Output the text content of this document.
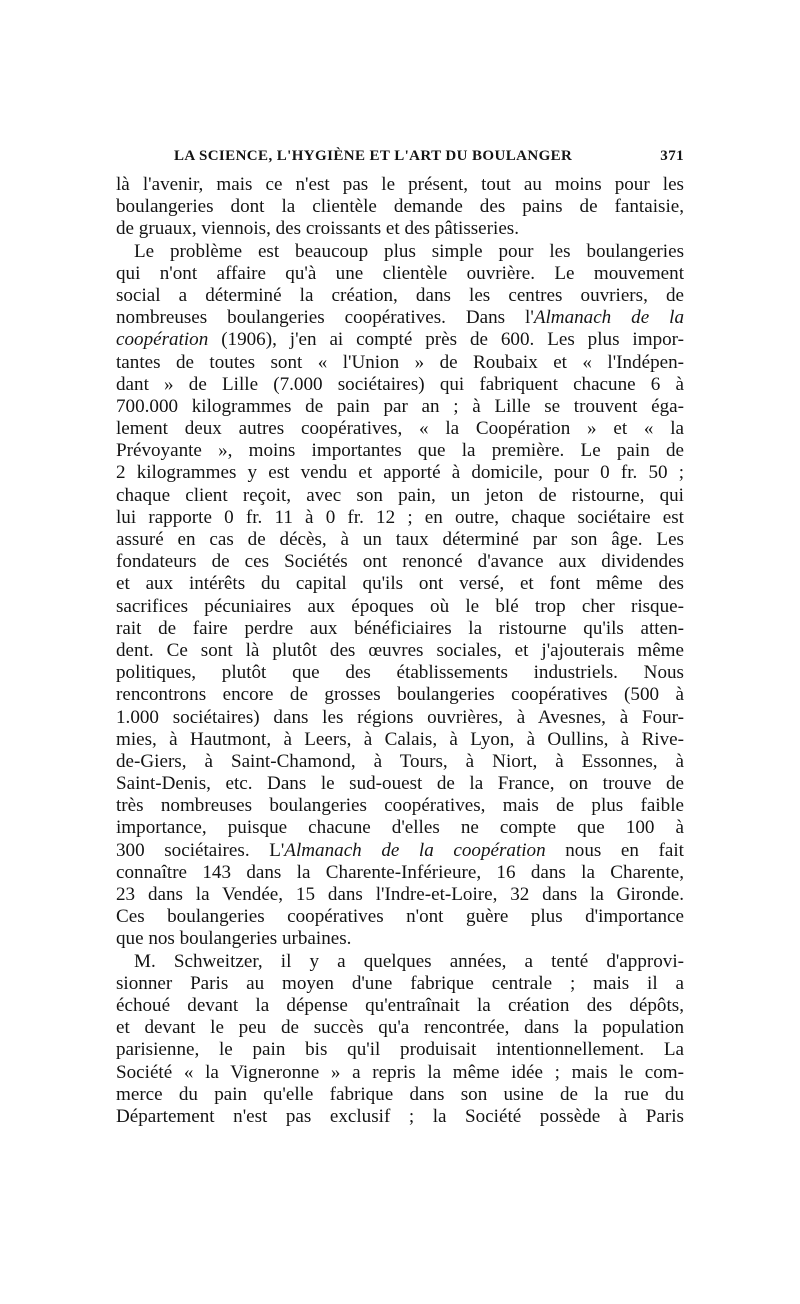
LA SCIENCE, L'HYGIÈNE ET L'ART DU BOULANGER	371
là l'avenir, mais ce n'est pas le présent, tout au moins pour les
boulangeries dont la clientèle demande des pains de fantaisie,
de gruaux, viennois, des croissants et des pâtisseries.
Le problème est beaucoup plus simple pour les boulangeries
qui n'ont affaire qu'à une clientèle ouvrière. Le mouvement
social a déterminé la création, dans les centres ouvriers, de
nombreuses boulangeries coopératives. Dans l'Almanach de la
coopération (1906), j'en ai compté près de 600. Les plus impor-
tantes de toutes sont « l'Union » de Roubaix et « l'Indépen-
dant » de Lille (7.000 sociétaires) qui fabriquent chacune 6 à
700.000 kilogrammes de pain par an ; à Lille se trouvent éga-
lement deux autres coopératives, « la Coopération » et « la
Prévoyante », moins importantes que la première. Le pain de
2 kilogrammes y est vendu et apporté à domicile, pour 0 fr. 50 ;
chaque client reçoit, avec son pain, un jeton de ristourne, qui
lui rapporte 0 fr. 11 à 0 fr. 12 ; en outre, chaque sociétaire est
assuré en cas de décès, à un taux déterminé par son âge. Les
fondateurs de ces Sociétés ont renoncé d'avance aux dividendes
et aux intérêts du capital qu'ils ont versé, et font même des
sacrifices pécuniaires aux époques où le blé trop cher risque-
rait de faire perdre aux bénéficiaires la ristourne qu'ils atten-
dent. Ce sont là plutôt des œuvres sociales, et j'ajouterais même
politiques, plutôt que des établissements industriels. Nous
rencontrons encore de grosses boulangeries coopératives (500 à
1.000 sociétaires) dans les régions ouvrières, à Avesnes, à Four-
mies, à Hautmont, à Leers, à Calais, à Lyon, à Oullins, à Rive-
de-Giers, à Saint-Chamond, à Tours, à Niort, à Essonnes, à
Saint-Denis, etc. Dans le sud-ouest de la France, on trouve de
très nombreuses boulangeries coopératives, mais de plus faible
importance, puisque chacune d'elles ne compte que 100 à
300 sociétaires. L'Almanach de la coopération nous en fait
connaître 143 dans la Charente-Inférieure, 16 dans la Charente,
23 dans la Vendée, 15 dans l'Indre-et-Loire, 32 dans la Gironde.
Ces boulangeries coopératives n'ont guère plus d'importance
que nos boulangeries urbaines.
M. Schweitzer, il y a quelques années, a tenté d'approvi-
sionner Paris au moyen d'une fabrique centrale ; mais il a
échoué devant la dépense qu'entraînait la création des dépôts,
et devant le peu de succès qu'a rencontrée, dans la population
parisienne, le pain bis qu'il produisait intentionnellement. La
Société « la Vigneronne » a repris la même idée ; mais le com-
merce du pain qu'elle fabrique dans son usine de la rue du
Département n'est pas exclusif ; la Société possède à Paris
